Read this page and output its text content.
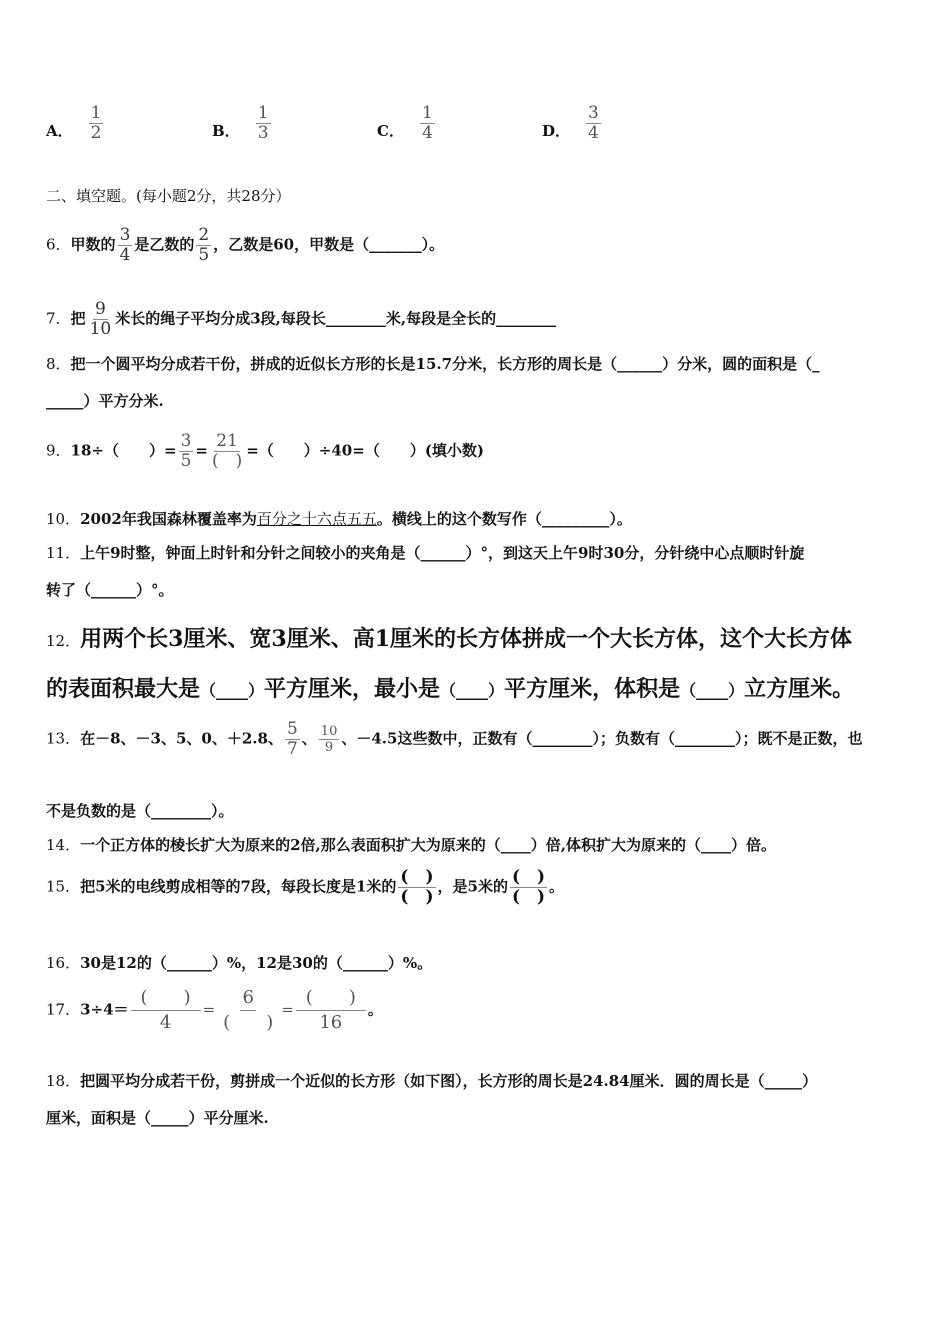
A． $\frac{1}{2}$	B． $\frac{1}{3}$	C． $\frac{1}{4}$	D． $\frac{3}{4}$
二、填空题。(每小题2分，共28分）
6．甲数的 $\frac{3}{4}$ 是乙数的 $\frac{2}{5}$ ，乙数是60，甲数是（_______）。
7．把 $\frac{9}{10}$ 米长的绳子平均分成3段,每段长________米,每段是全长的________
8．把一个圆平均分成若干份，拼成的近似长方形的长是15.7分米，长方形的周长是（______）分米，圆的面积是（_
_____）平方分米.
9．18÷（　　）= $\frac{3}{5} = \frac{21}{( )}$ =（　　）÷40=（　　）(填小数)
10．2002年我国森林覆盖率为百分之十六点五五。横线上的这个数写作（_________）。
11．上午9时整，钟面上时针和分针之间较小的夹角是（______）°，到这天上午9时30分，分针绕中心点顺时针旋
转了（______）°。
12．用两个长3厘米、宽3厘米、高1厘米的长方体拼成一个大长方体，这个大长方体
的表面积最大是（____）平方厘米，最小是（____）平方厘米，体积是（____）立方厘米。
13．在－8、－3、5、0、＋2.8、 $\frac{5}{7}$ 、 $\frac{10}{9}$ 、－4.5这些数中，正数有（________）；负数有（________）；既不是正数，也
不是负数的是（________）。
14．一个正方体的棱长扩大为原来的2倍,那么表面积扩大为原来的（____）倍,体积扩大为原来的（____）倍。
15．把5米的电线剪成相等的7段，每段长度是1米的 $\frac{( )}{( )}$ ，是5米的 $\frac{( )}{( )}$ 。
16．30是12的（______）%，12是30的（______）%。
17．$3\div 4= \frac{( )}{4} = \frac{6}{( )} = \frac{( )}{16}$ 。
18．把圆平均分成若干份，剪拼成一个近似的长方形（如下图），长方形的周长是24.84厘米．圆的周长是（_____）
厘米，面积是（_____）平分厘米.
